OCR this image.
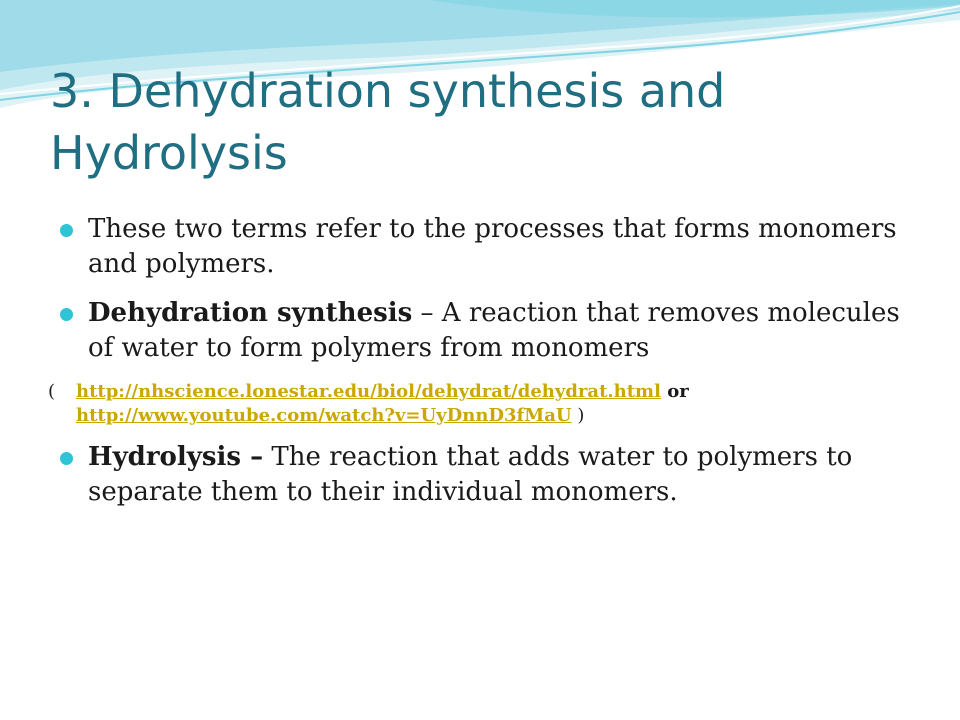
3. Dehydration synthesis and Hydrolysis
These two terms refer to the processes that forms monomers and polymers.
Dehydration synthesis – A reaction that removes molecules of water to form polymers from monomers
( http://nhscience.lonestar.edu/biol/dehydrat/dehydrat.html or http://www.youtube.com/watch?v=UyDnnD3fMaU )
Hydrolysis – The reaction that adds water to polymers to separate them to their individual monomers.
